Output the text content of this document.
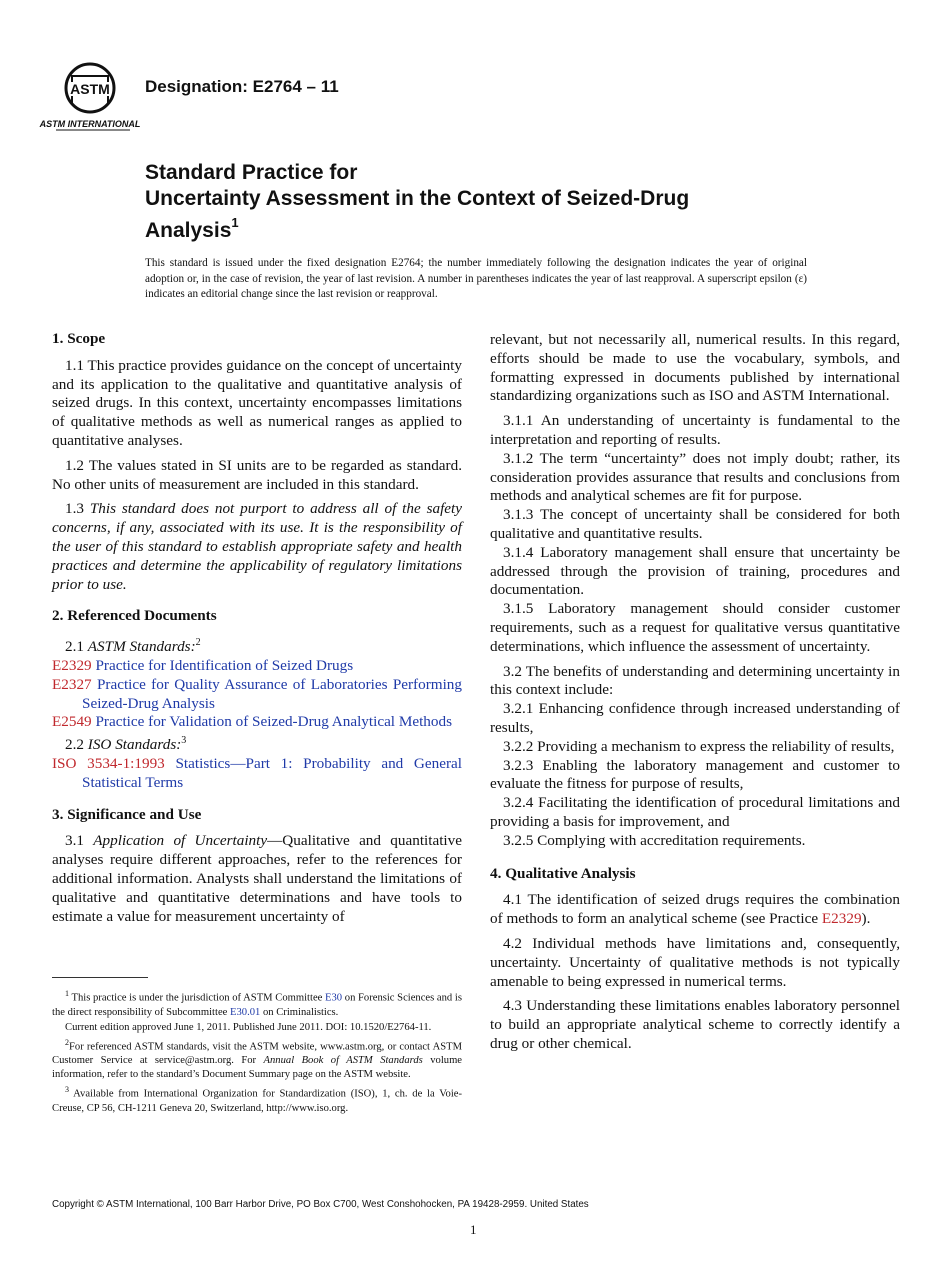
ASTM
ASTM INTERNATIONAL
Designation: E2764 – 11
Standard Practice for
Uncertainty Assessment in the Context of Seized-Drug
Analysis$^1$
This standard is issued under the fixed designation E2764; the number immediately following the designation indicates the year of original adoption or, in the case of revision, the year of last revision. A number in parentheses indicates the year of last reapproval. A superscript epsilon (ε) indicates an editorial change since the last revision or reapproval.
1. Scope

1.1 This practice provides guidance on the concept of uncertainty and its application to the qualitative and quantitative analysis of seized drugs. In this context, uncertainty encompasses limitations of qualitative methods as well as numerical ranges as applied to quantitative analyses.

1.2 The values stated in SI units are to be regarded as standard. No other units of measurement are included in this standard.

1.3 This standard does not purport to address all of the safety concerns, if any, associated with its use. It is the responsibility of the user of this standard to establish appropriate safety and health practices and determine the applicability of regulatory limitations prior to use.

2. Referenced Documents

2.1 ASTM Standards:$^2$

E2329 Practice for Identification of Seized Drugs
E2327 Practice for Quality Assurance of Laboratories Performing Seized-Drug Analysis
E2549 Practice for Validation of Seized-Drug Analytical Methods

2.2 ISO Standards:$^3$

ISO 3534-1:1993 Statistics—Part 1: Probability and General Statistical Terms
3. Significance and Use

3.1 Application of Uncertainty—Qualitative and quantitative analyses require different approaches, refer to the references for additional information. Analysts shall understand the limitations of qualitative and quantitative determinations and have tools to estimate a value for measurement uncertainty of

$^1$ This practice is under the jurisdiction of ASTM Committee E30 on Forensic Sciences and is the direct responsibility of Subcommittee E30.01 on Criminalistics.

Current edition approved June 1, 2011. Published June 2011. DOI: 10.1520/E2764-11.

$^2$For referenced ASTM standards, visit the ASTM website, www.astm.org, or contact ASTM Customer Service at service@astm.org. For Annual Book of ASTM Standards volume information, refer to the standard’s Document Summary page on the ASTM website.

$^3$ Available from International Organization for Standardization (ISO), 1, ch. de la Voie-Creuse, CP 56, CH-1211 Geneva 20, Switzerland, http://www.iso.org.

relevant, but not necessarily all, numerical results. In this regard, efforts should be made to use the vocabulary, symbols, and formatting expressed in documents published by international standardizing organizations such as ISO and ASTM International.

3.1.1 An understanding of uncertainty is fundamental to the interpretation and reporting of results.

3.1.2 The term “uncertainty” does not imply doubt; rather, its consideration provides assurance that results and conclusions from methods and analytical schemes are fit for purpose.

3.1.3 The concept of uncertainty shall be considered for both qualitative and quantitative results.

3.1.4 Laboratory management shall ensure that uncertainty be addressed through the provision of training, procedures and documentation.

3.1.5 Laboratory management should consider customer requirements, such as a request for qualitative versus quantitative determinations, which influence the assessment of uncertainty.

3.2 The benefits of understanding and determining uncertainty in this context include:

3.2.1 Enhancing confidence through increased understanding of results,

3.2.2 Providing a mechanism to express the reliability of results,

3.2.3 Enabling the laboratory management and customer to evaluate the fitness for purpose of results,

3.2.4 Facilitating the identification of procedural limitations and providing a basis for improvement, and

3.2.5 Complying with accreditation requirements.

4. Qualitative Analysis

4.1 The identification of seized drugs requires the combination of methods to form an analytical scheme (see Practice E2329).

4.2 Individual methods have limitations and, consequently, uncertainty. Uncertainty of qualitative methods is not typically amenable to being expressed in numerical terms.

4.3 Understanding these limitations enables laboratory personnel to build an appropriate analytical scheme to correctly identify a drug or other chemical.

Copyright © ASTM International, 100 Barr Harbor Drive, PO Box C700, West Conshohocken, PA 19428-2959. United States
1
